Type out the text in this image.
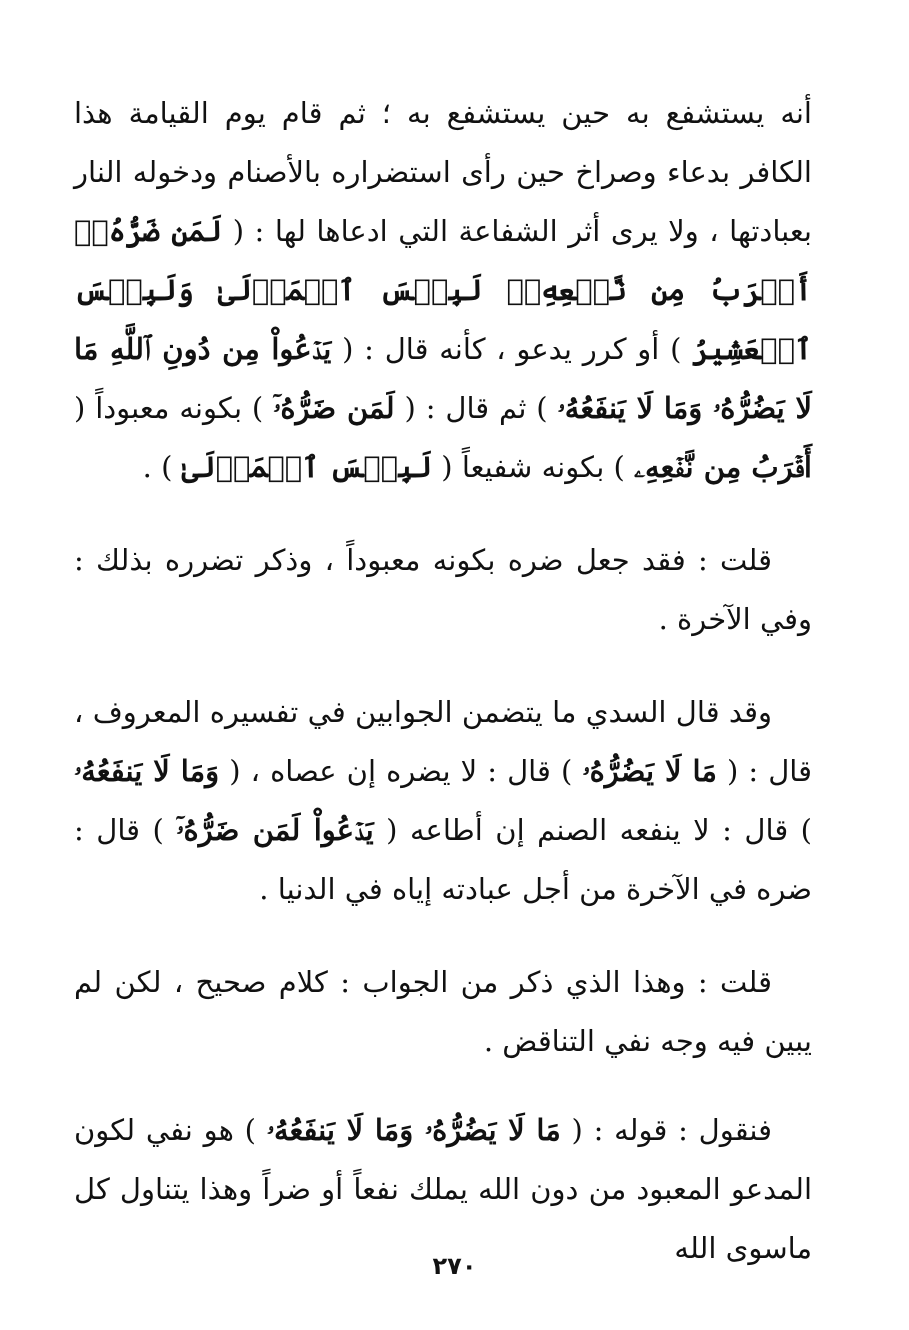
أنه يستشفع به حين يستشفع به ؛ ثم قام يوم القيامة هذا الكافر بدعاء وصراخ حين رأى استضراره بالأصنام ودخوله النار بعبادتها ، ولا يرى أثر الشفاعة التي ادعاها لها : ( لَمَن ضَرُّهُۥٓ أَقۡرَبُ مِن نَّفۡعِهِۦۚ لَبِئۡسَ ٱلۡمَوۡلَىٰ وَلَبِئۡسَ ٱلۡعَشِيرُ ) أو كرر يدعو ، كأنه قال : ( يَدۡعُواْ مِن دُونِ ٱللَّهِ مَا لَا يَضُرُّهُۥ وَمَا لَا يَنفَعُهُۥ ) ثم قال : ( لَمَن ضَرُّهُۥٓ ) بكونه معبوداً ( أَقۡرَبُ مِن نَّفۡعِهِۦ ) بكونه شفيعاً ( لَبِئۡسَ ٱلۡمَوۡلَىٰ ) .

قلت : فقد جعل ضره بكونه معبوداً ، وذكر تضرره بذلك : وفي الآخرة .

وقد قال السدي ما يتضمن الجوابين في تفسيره المعروف ، قال : ( مَا لَا يَضُرُّهُۥ ) قال : لا يضره إن عصاه ، ( وَمَا لَا يَنفَعُهُۥ ) قال : لا ينفعه الصنم إن أطاعه ( يَدۡعُواْ لَمَن ضَرُّهُۥٓ ) قال : ضره في الآخرة من أجل عبادته إياه في الدنيا .

قلت : وهذا الذي ذكر من الجواب : كلام صحيح ، لكن لم يبين فيه وجه نفي التناقض .

فنقول : قوله : ( مَا لَا يَضُرُّهُۥ وَمَا لَا يَنفَعُهُۥ ) هو نفي لكون المدعو المعبود من دون الله يملك نفعاً أو ضراً وهذا يتناول كل ماسوى الله

٢٧٠
